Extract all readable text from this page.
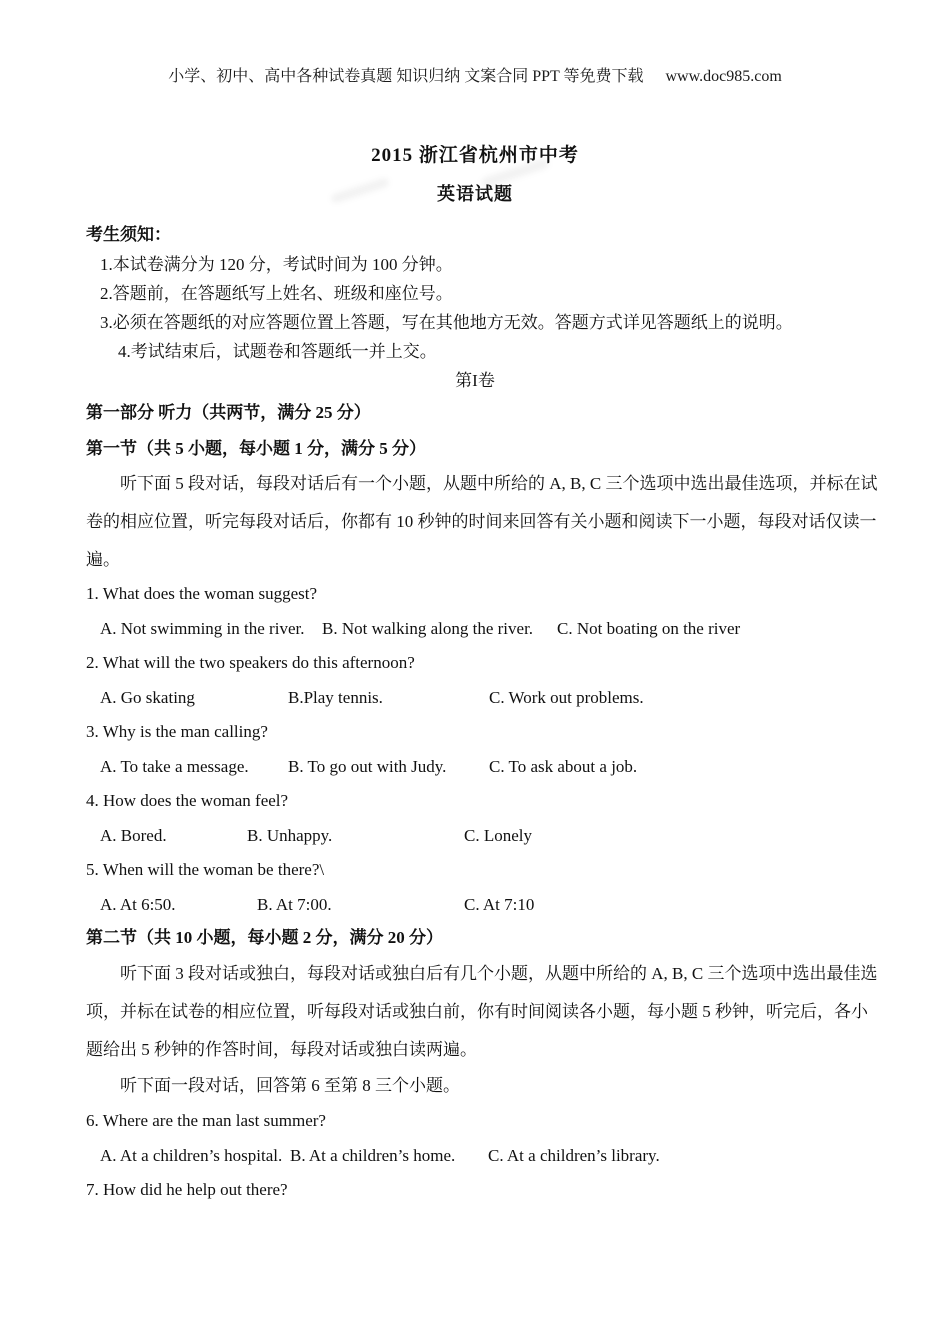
小学、初中、高中各种试卷真题 知识归纳 文案合同 PPT 等免费下载 www.doc985.com
2015 浙江省杭州市中考
英语试题
考生须知：
1.本试卷满分为 120 分，考试时间为 100 分钟。
2.答题前，在答题纸写上姓名、班级和座位号。
3.必须在答题纸的对应答题位置上答题，写在其他地方无效。答题方式详见答题纸上的说明。
4.考试结束后，试题卷和答题纸一并上交。
第I卷
第一部分 听力（共两节，满分 25 分）
第一节（共 5 小题，每小题 1 分，满分 5 分）
听下面 5 段对话，每段对话后有一个小题，从题中所给的 A, B, C 三个选项中选出最佳选项，并标在试
卷的相应位置，听完每段对话后，你都有 10 秒钟的时间来回答有关小题和阅读下一小题，每段对话仅读一
遍。
1. What does the woman suggest?
A. Not swimming in the river. B. Not walking along the river. C. Not boating on the river
2. What will the two speakers do this afternoon?
A. Go skating	B.Play tennis.	C. Work out problems.
3. Why is the man calling?
A. To take a message. B. To go out with Judy.	C. To ask about a job.
4. How does the woman feel?
A. Bored.	B. Unhappy.	C. Lonely
5. When will the woman be there?\
A. At 6:50.	B. At 7:00.	C. At 7:10
第二节（共 10 小题，每小题 2 分，满分 20 分）
听下面 3 段对话或独白，每段对话或独白后有几个小题，从题中所给的 A, B, C 三个选项中选出最佳选
项，并标在试卷的相应位置，听每段对话或独白前，你有时间阅读各小题，每小题 5 秒钟，听完后，各小
题给出 5 秒钟的作答时间，每段对话或独白读两遍。
听下面一段对话，回答第 6 至第 8 三个小题。
6. Where are the man last summer?
A. At a children’s hospital. B. At a children’s home. C. At a children’s library.
7. How did he help out there?
